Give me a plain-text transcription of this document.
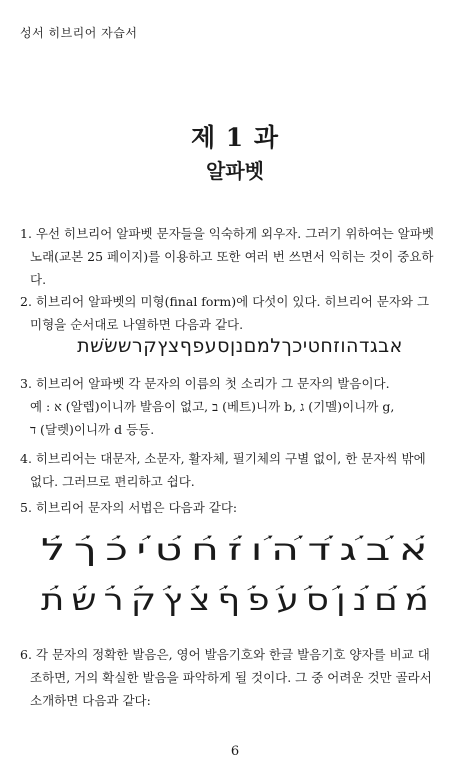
성서 히브리어 자습서
제 1 과
알파벳
1. 우선 히브리어 알파벳 문자들을 익숙하게 외우자. 그러기 위하여는 알파벳
노래(교본 25 페이지)를 이용하고 또한 여러 번 쓰면서 익히는 것이 중요하
다.
2. 히브리어 알파벳의 미형(final form)에 다섯이 있다. 히브리어 문자와 그
미형을 순서대로 나열하면 다음과 같다.
אבגדהוזחטיכךלמםנןסעפףצץקרששׂשׁת
3. 히브리어 알파벳 각 문자의 이름의 첫 소리가 그 문자의 발음이다.
예 : א (알렙)이니까 발음이 없고, ב (베트)니까 b, ג (기멜)이니까 g,
ד (달렛)이니까 d 등등.
4. 히브리어는 대문자, 소문자, 활자체, 필기체의 구별 없이, 한 문자씩 밖에
없다. 그러므로 편리하고 쉽다.
5. 히브리어 문자의 서법은 다음과 같다:
אבגדהוזחטיכךל
מםנןסעפףצץקרשת
6. 각 문자의 정확한 발음은, 영어 발음기호와 한글 발음기호 양자를 비교 대
조하면, 거의 확실한 발음을 파악하게 될 것이다. 그 중 어려운 것만 골라서
소개하면 다음과 같다:
6
